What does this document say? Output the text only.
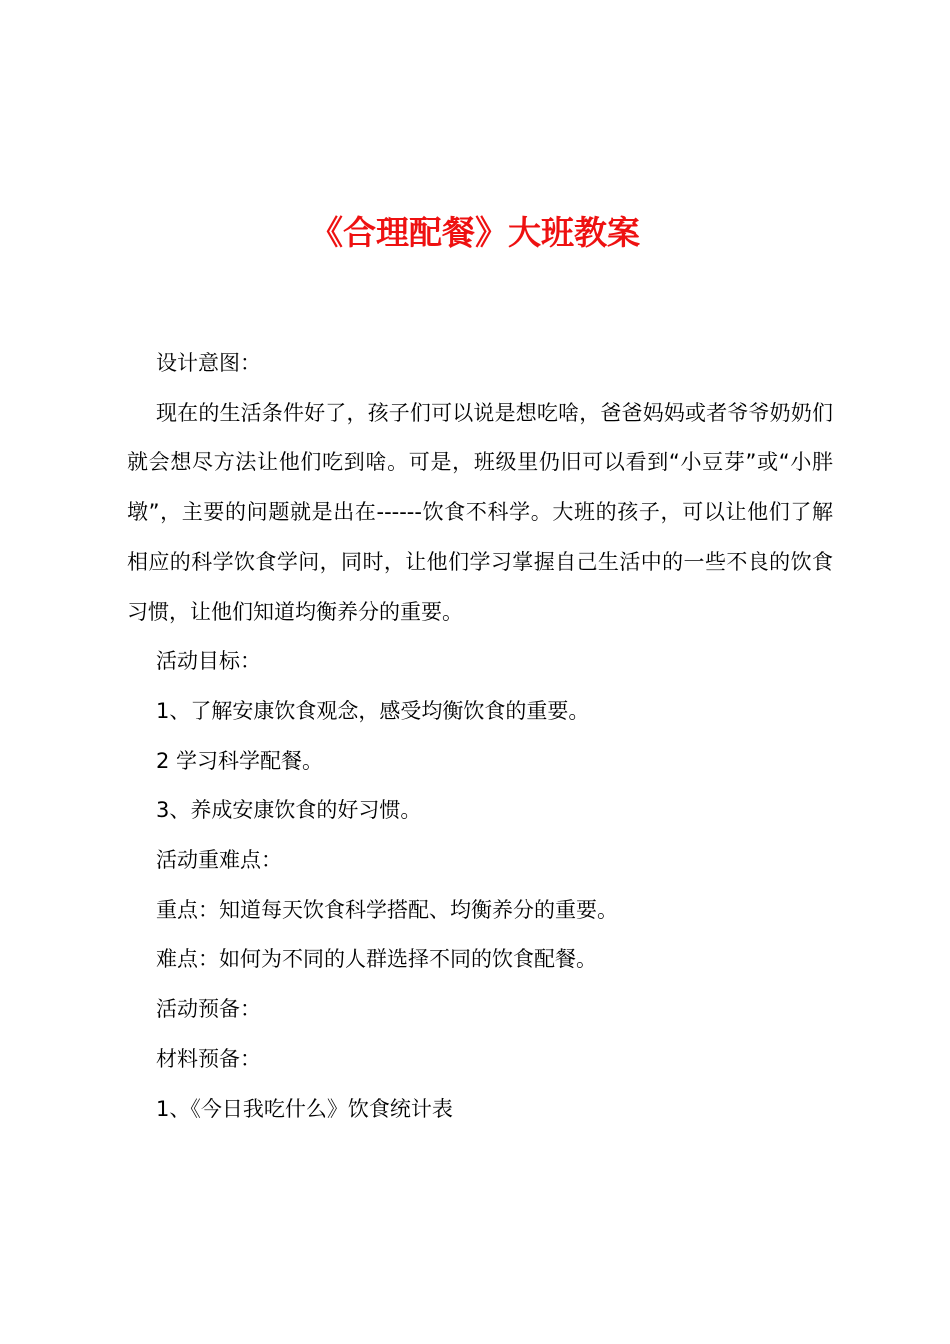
《合理配餐》大班教案

设计意图：

现在的生活条件好了，孩子们可以说是想吃啥，爸爸妈妈或者爷爷奶奶们就会想尽方法让他们吃到啥。可是，班级里仍旧可以看到“小豆芽”或“小胖墩”，主要的问题就是出在------饮食不科学。大班的孩子，可以让他们了解相应的科学饮食学问，同时，让他们学习掌握自己生活中的一些不良的饮食习惯，让他们知道均衡养分的重要。

活动目标：

1、了解安康饮食观念，感受均衡饮食的重要。

2 学习科学配餐。

3、养成安康饮食的好习惯。

活动重难点：

重点：知道每天饮食科学搭配、均衡养分的重要。

难点：如何为不同的人群选择不同的饮食配餐。

活动预备：

材料预备：

1、《今日我吃什么》饮食统计表
